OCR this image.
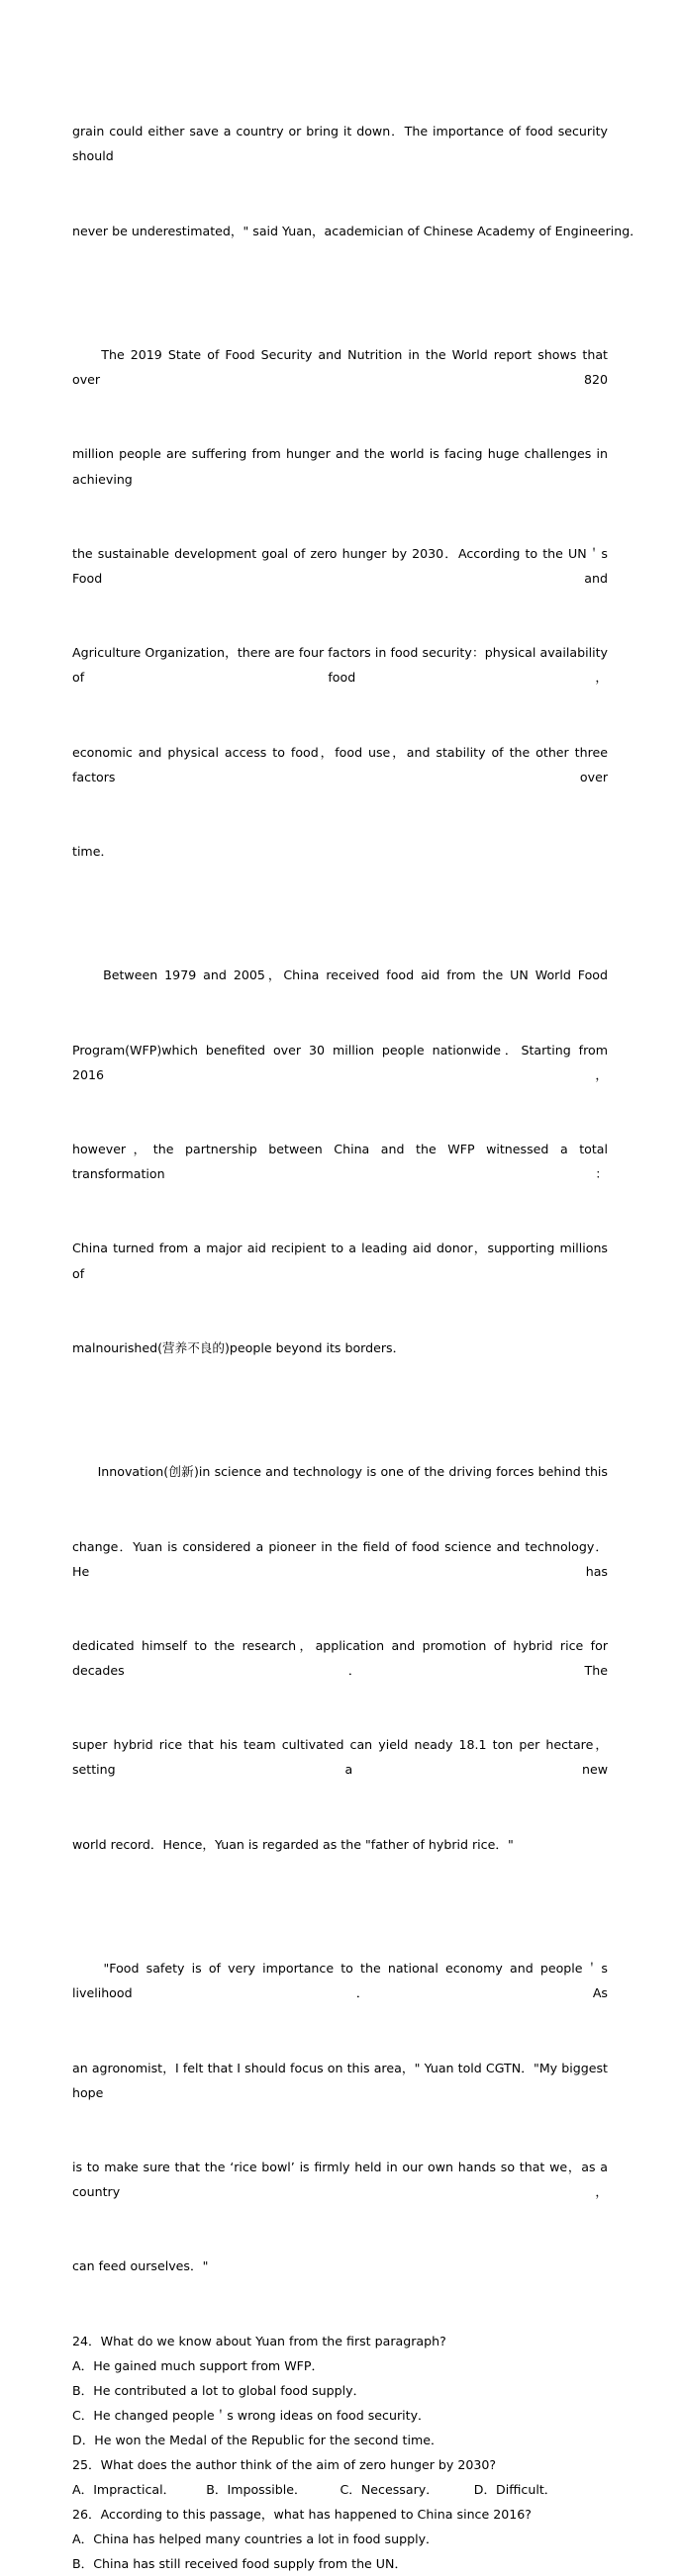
grain could either save a country or bring it down．The importance of food security should

never be underestimated，" said Yuan，academician of Chinese Academy of Engineering．

　　The 2019 State of Food Security and Nutrition in the World report shows that over 820

million people are suffering from hunger and the world is facing huge challenges in achieving

the sustainable development goal of zero hunger by 2030．According to the UN＇s Food and

Agriculture Organization，there are four factors in food security：physical availability of food，

economic and physical access to food，food use，and stability of the other three factors over

time．

　　Between 1979 and 2005，China received food aid from the UN World Food

Program(WFP)which benefited over 30 million people nationwide．Starting from 2016，

however，the partnership between China and the WFP witnessed a total transformation：

China turned from a major aid recipient to a leading aid donor，supporting millions of

malnourished(营养不良的)people beyond its borders．

　　Innovation(创新)in science and technology is one of the driving forces behind this

change．Yuan is considered a pioneer in the field of food science and technology．He has

dedicated himself to the research，application and promotion of hybrid rice for decades．The

super hybrid rice that his team cultivated can yield neady 18.1 ton per hectare，setting a new

world record．Hence，Yuan is regarded as the "father of hybrid rice．"

　　"Food safety is of very importance to the national economy and people＇s livelihood．As

an agronomist，I felt that I should focus on this area，" Yuan told CGTN．"My biggest hope

is to make sure that the ‘rice bowl’ is firmly held in our own hands so that we，as a country，

can feed ourselves．"

24．What do we know about Yuan from the first paragraph?

A．He gained much support from WFP．

B．He contributed a lot to global food supply．

C．He changed people＇s wrong ideas on food security．

D．He won the Medal of the Republic for the second time．

25．What does the author think of the aim of zero hunger by 2030?

A．Impractical．	B．Impossible．	C．Necessary．	D．Difficult．

26．According to this passage，what has happened to China since 2016?

A．China has helped many countries a lot in food supply．

B．China has still received food supply from the UN．
